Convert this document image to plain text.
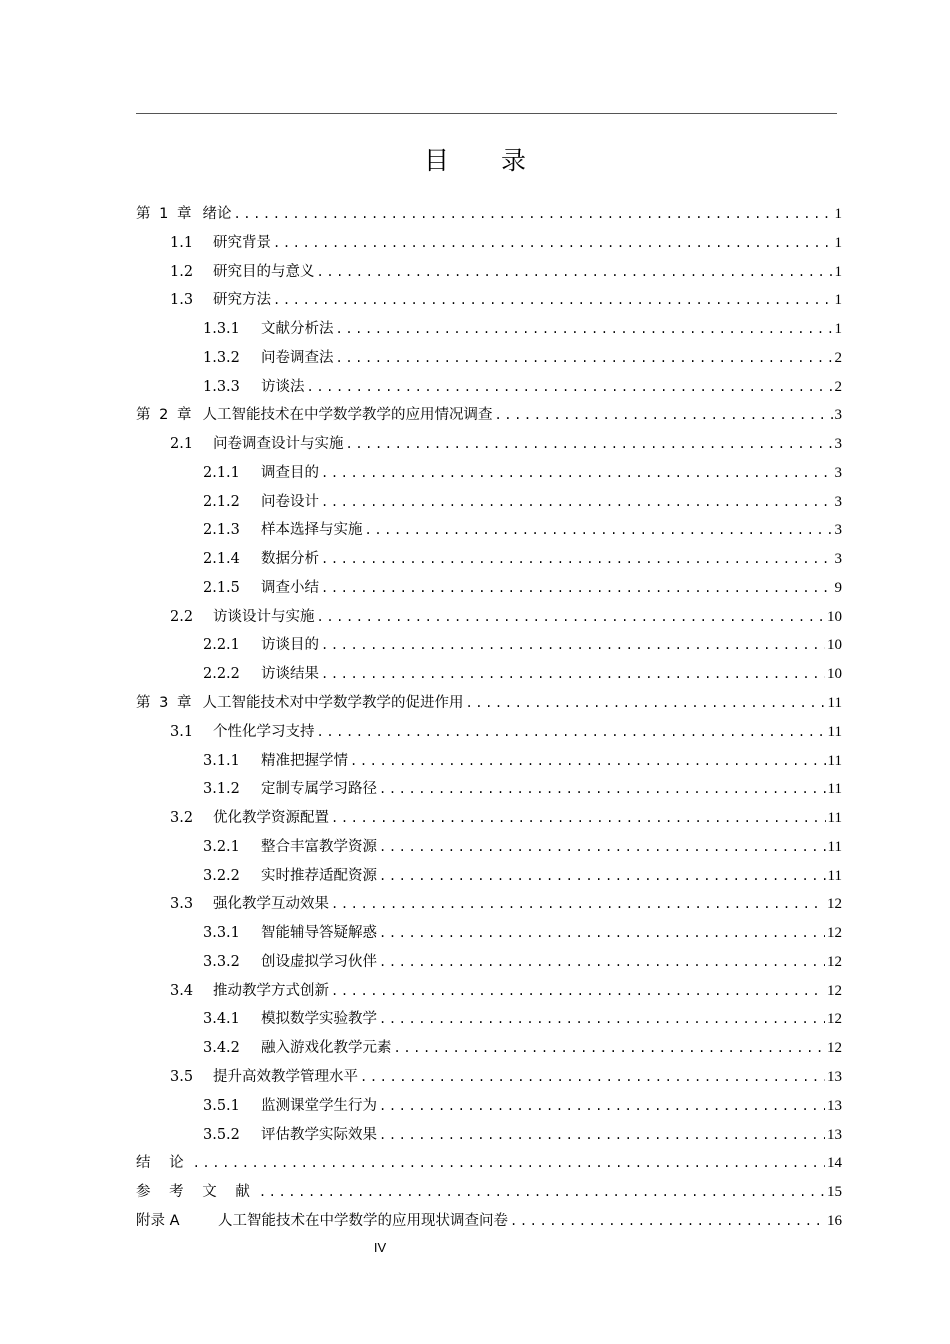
目 录
第 1 章 绪论 .....	1
1.1	研究背景 .....	1
1.2	研究目的与意义 .....	1
1.3	研究方法 .....	1
1.3.1	文献分析法 .....	1
1.3.2	问卷调查法 .....	2
1.3.3	访谈法 .....	2
第 2 章 人工智能技术在中学数学教学的应用情况调查 .....	3
2.1	问卷调查设计与实施 .....	3
2.1.1	调查目的 .....	3
2.1.2	问卷设计 .....	3
2.1.3	样本选择与实施 .....	3
2.1.4	数据分析 .....	3
2.1.5	调查小结 .....	9
2.2	访谈设计与实施 .....	10
2.2.1	访谈目的 .....	10
2.2.2	访谈结果 .....	10
第 3 章 人工智能技术对中学数学教学的促进作用 .....	11
3.1	个性化学习支持 .....	11
3.1.1	精准把握学情 .....	11
3.1.2	定制专属学习路径 .....	11
3.2	优化教学资源配置 .....	11
3.2.1	整合丰富教学资源 .....	11
3.2.2	实时推荐适配资源 .....	11
3.3	强化教学互动效果 .....	12
3.3.1	智能辅导答疑解惑 .....	12
3.3.2	创设虚拟学习伙伴 .....	12
3.4	推动教学方式创新 .....	12
3.4.1	模拟数学实验教学 .....	12
3.4.2	融入游戏化教学元素 .....	12
3.5	提升高效教学管理水平 .....	13
3.5.1	监测课堂学生行为 .....	13
3.5.2	评估教学实际效果 .....	13
结 论 .....	14
参 考 文 献 .....	15
附录 A	人工智能技术在中学数学的应用现状调查问卷 .....	16
IV
